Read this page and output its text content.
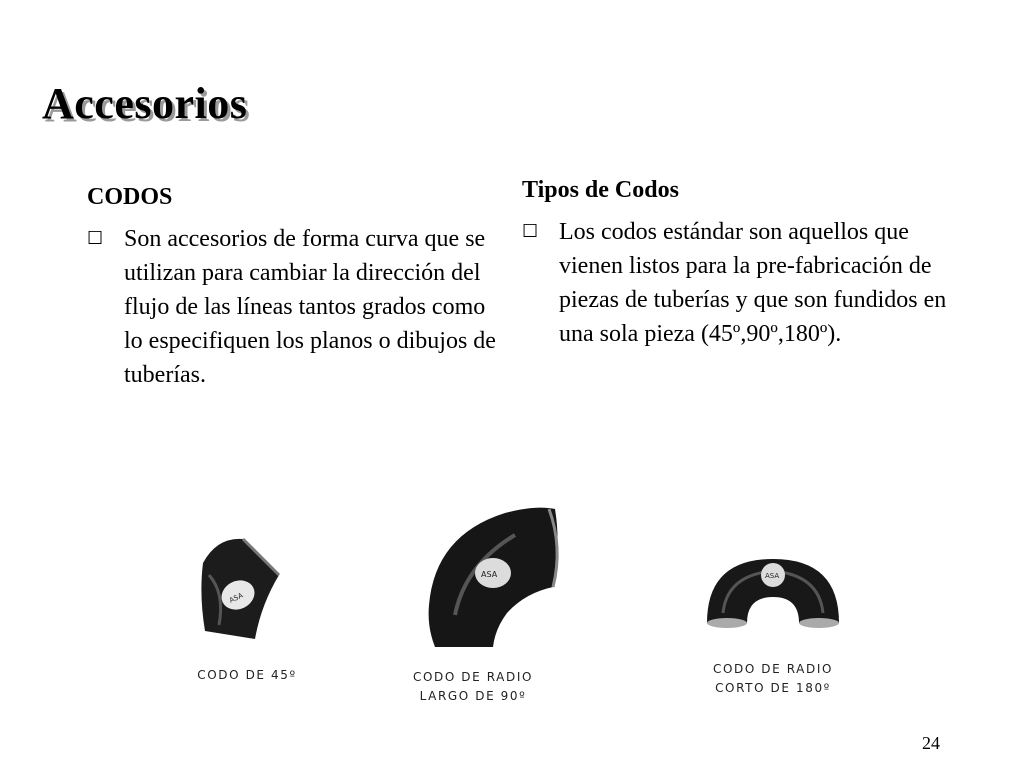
Accesorios
CODOS
☐ Son accesorios de forma curva que se utilizan para cambiar la dirección del flujo de las líneas tantos grados como lo especifiquen los planos o dibujos de tuberías.
Tipos de Codos
☐ Los codos estándar son aquellos que vienen listos para la pre-fabricación de piezas de tuberías y que son fundidos en una sola pieza (45º,90º,180º).
ASA
CODO DE 45º
ASA
CODO DE RADIO
LARGO DE 90º
ASA
CODO DE RADIO
CORTO DE 180º
24
